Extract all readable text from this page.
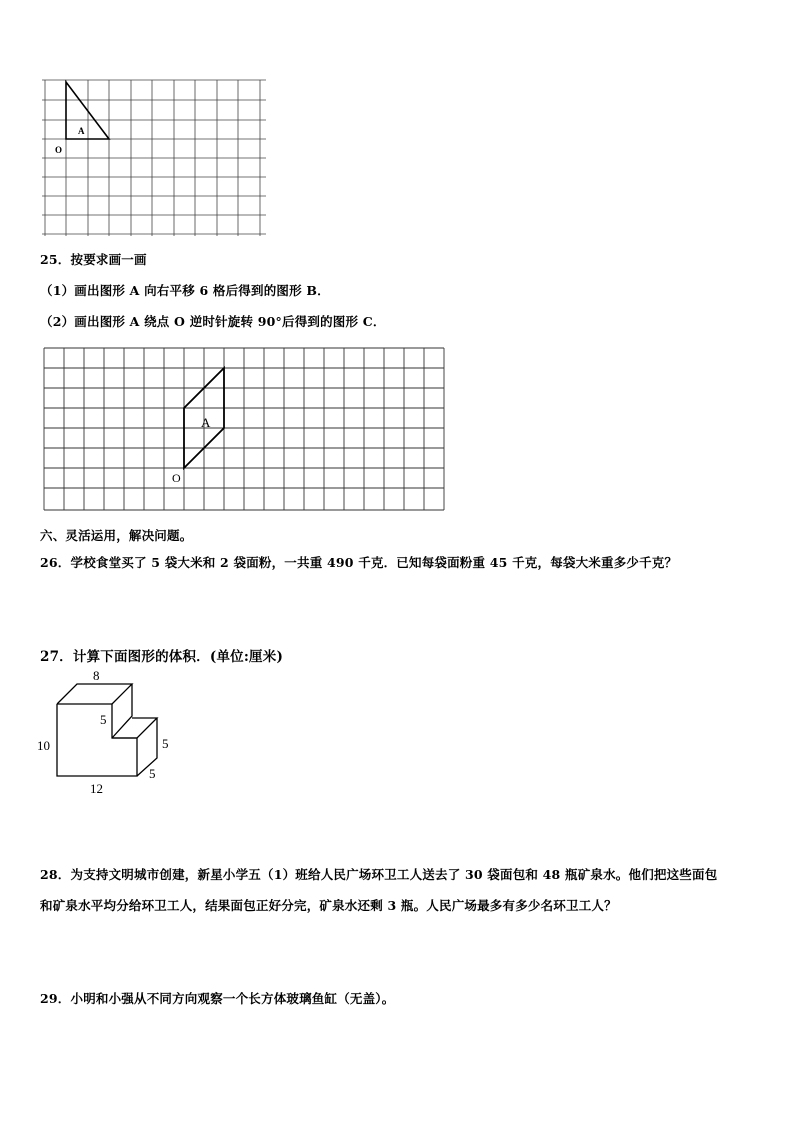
A
O
25．按要求画一画
（1）画出图形 A 向右平移 6 格后得到的图形 B．
（2）画出图形 A 绕点 O 逆时针旋转 90°后得到的图形 C．
A
O
六、灵活运用，解决问题。
26．学校食堂买了 5 袋大米和 2 袋面粉，一共重 490 千克．已知每袋面粉重 45 千克，每袋大米重多少千克？
27．计算下面图形的体积．(单位:厘米)
8
5
10	5
5
12
28．为支持文明城市创建，新星小学五（1）班给人民广场环卫工人送去了 30 袋面包和 48 瓶矿泉水。他们把这些面包
和矿泉水平均分给环卫工人，结果面包正好分完，矿泉水还剩 3 瓶。人民广场最多有多少名环卫工人？
29．小明和小强从不同方向观察一个长方体玻璃鱼缸（无盖）。
